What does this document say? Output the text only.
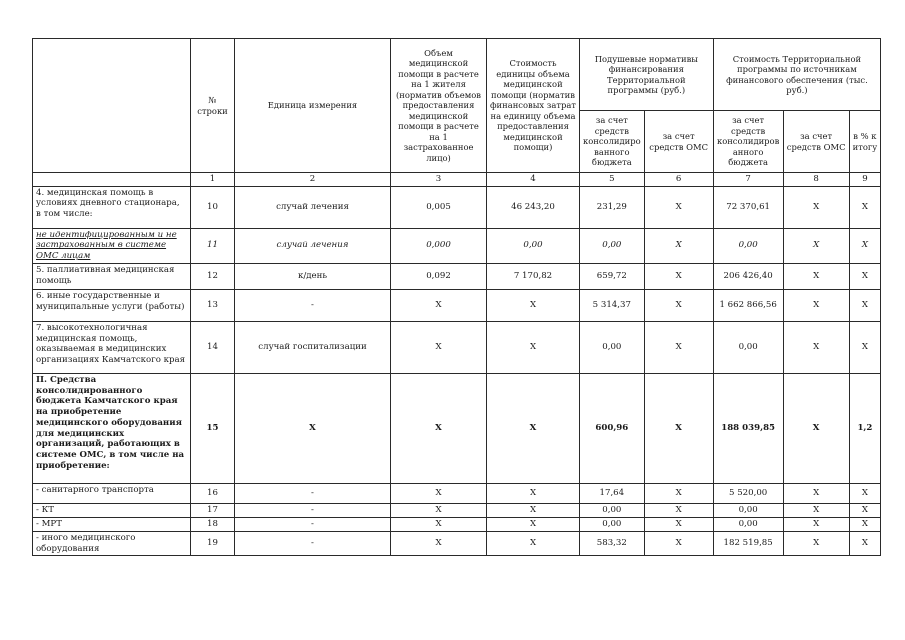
	№ строки	Единица измерения	Объем медицинской помощи в расчете на 1 жителя (норматив объемов предоставления медицинской помощи в расчете на 1 застрахованное лицо)	Стоимость единицы объема медицинской помощи (норматив финансовых затрат на единицу объема предоставления медицинской помощи)	Подушевые нормативы финансирования Территориальной программы (руб.)		Стоимость Территориальной программы по источникам финансового обеспечения (тыс. руб.)		
					за счет средств консолидиро ванного бюджета	за счет средств ОМС	за счет средств консолидиров анного бюджета	за счет средств ОМС	в % к итогу
	1	2	3	4	5	6	7	8	9
4. медицинская помощь в условиях дневного стационара, в том числе:	10	случай лечения	0,005	46 243,20	231,29	Х	72 370,61	Х	Х
не идентифицированным и не застрахованным в системе ОМС лицам	11	случай лечения	0,000	0,00	0,00	Х	0,00	Х	Х
5. паллиативная медицинская помощь	12	к/день	0,092	7 170,82	659,72	Х	206 426,40	Х	Х
6. иные государственные и муниципальные услуги (работы)	13	-	Х	Х	5 314,37	Х	1 662 866,56	Х	Х
7. высокотехнологичная медицинская помощь, оказываемая в медицинских организациях Камчатского края	14	случай госпитализации	Х	Х	0,00	Х	0,00	Х	Х
II. Средства консолидированного бюджета Камчатского края на приобретение медицинского оборудования для медицинских организаций, работающих в системе ОМС, в том числе на приобретение:	15	Х	Х	Х	600,96	Х	188 039,85	Х	1,2
- санитарного транспорта	16	-	Х	Х	17,64	Х	5 520,00	Х	Х
- КТ	17	-	Х	Х	0,00	Х	0,00	Х	Х
- МРТ	18	-	Х	Х	0,00	Х	0,00	Х	Х
- иного медицинского оборудования	19	-	Х	Х	583,32	Х	182 519,85	Х	Х
